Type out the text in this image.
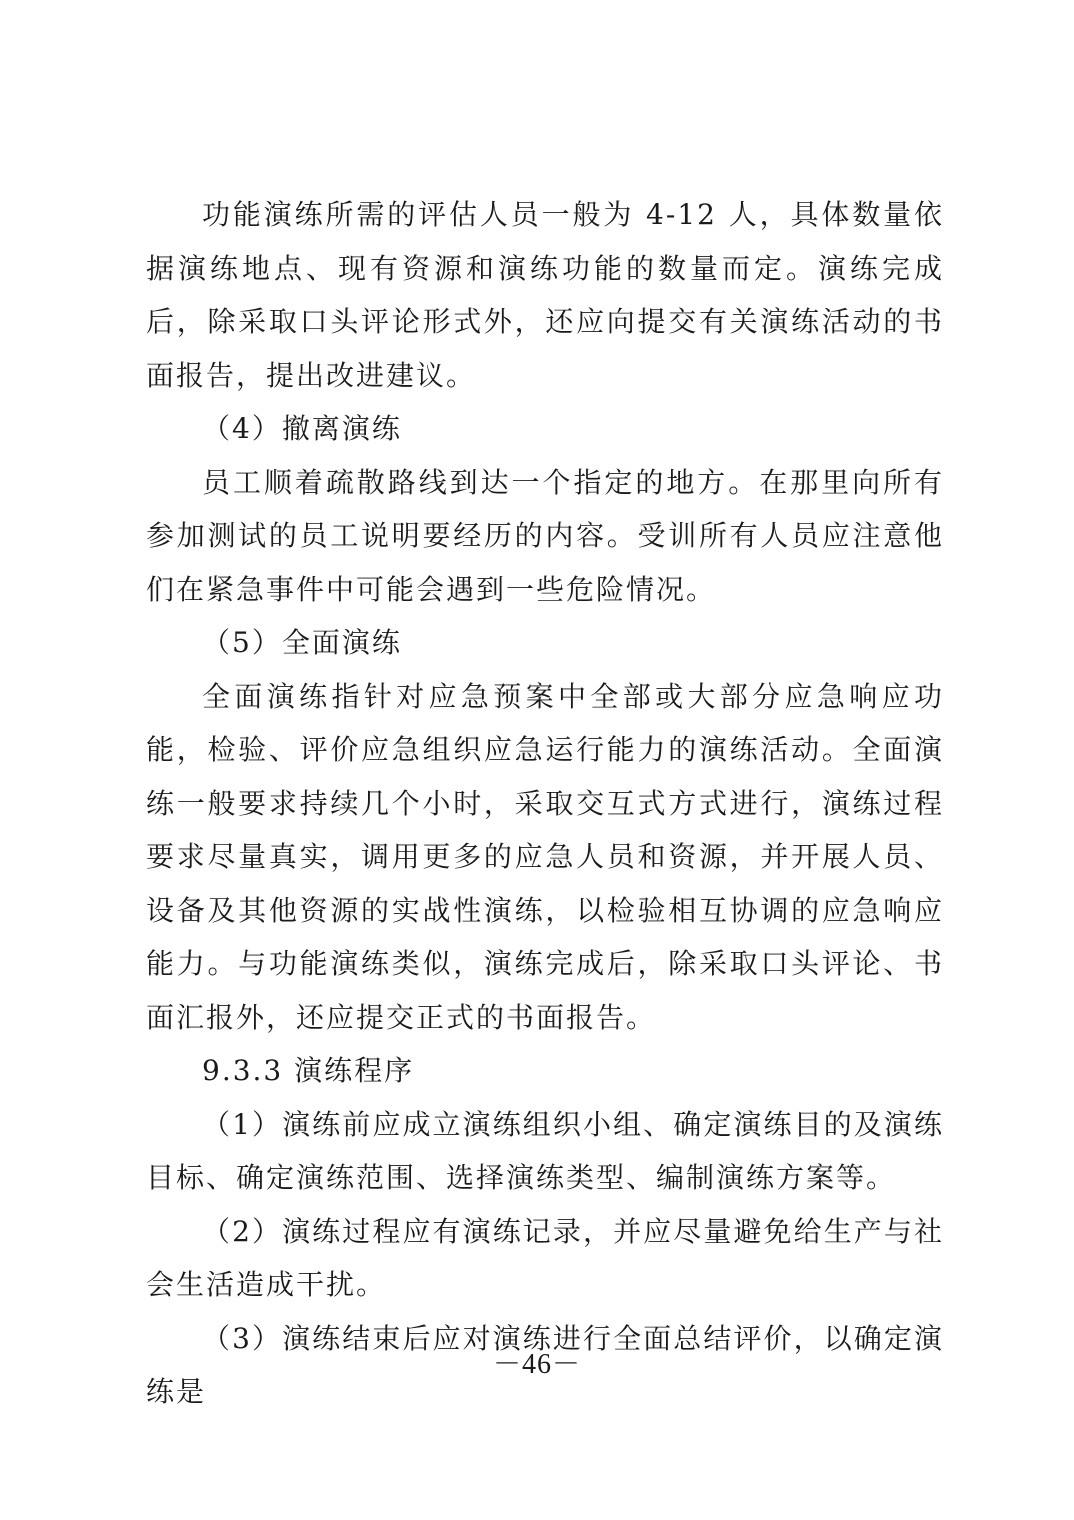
功能演练所需的评估人员一般为 4-12 人，具体数量依据演练地点、现有资源和演练功能的数量而定。演练完成后，除采取口头评论形式外，还应向提交有关演练活动的书面报告，提出改进建议。

（4）撤离演练

员工顺着疏散路线到达一个指定的地方。在那里向所有参加测试的员工说明要经历的内容。受训所有人员应注意他们在紧急事件中可能会遇到一些危险情况。

（5）全面演练

全面演练指针对应急预案中全部或大部分应急响应功能，检验、评价应急组织应急运行能力的演练活动。全面演练一般要求持续几个小时，采取交互式方式进行，演练过程要求尽量真实，调用更多的应急人员和资源，并开展人员、设备及其他资源的实战性演练，以检验相互协调的应急响应能力。与功能演练类似，演练完成后，除采取口头评论、书面汇报外，还应提交正式的书面报告。

9.3.3 演练程序

（1）演练前应成立演练组织小组、确定演练目的及演练目标、确定演练范围、选择演练类型、编制演练方案等。

（2）演练过程应有演练记录，并应尽量避免给生产与社会生活造成干扰。

（3）演练结束后应对演练进行全面总结评价，以确定演练是

－46－
